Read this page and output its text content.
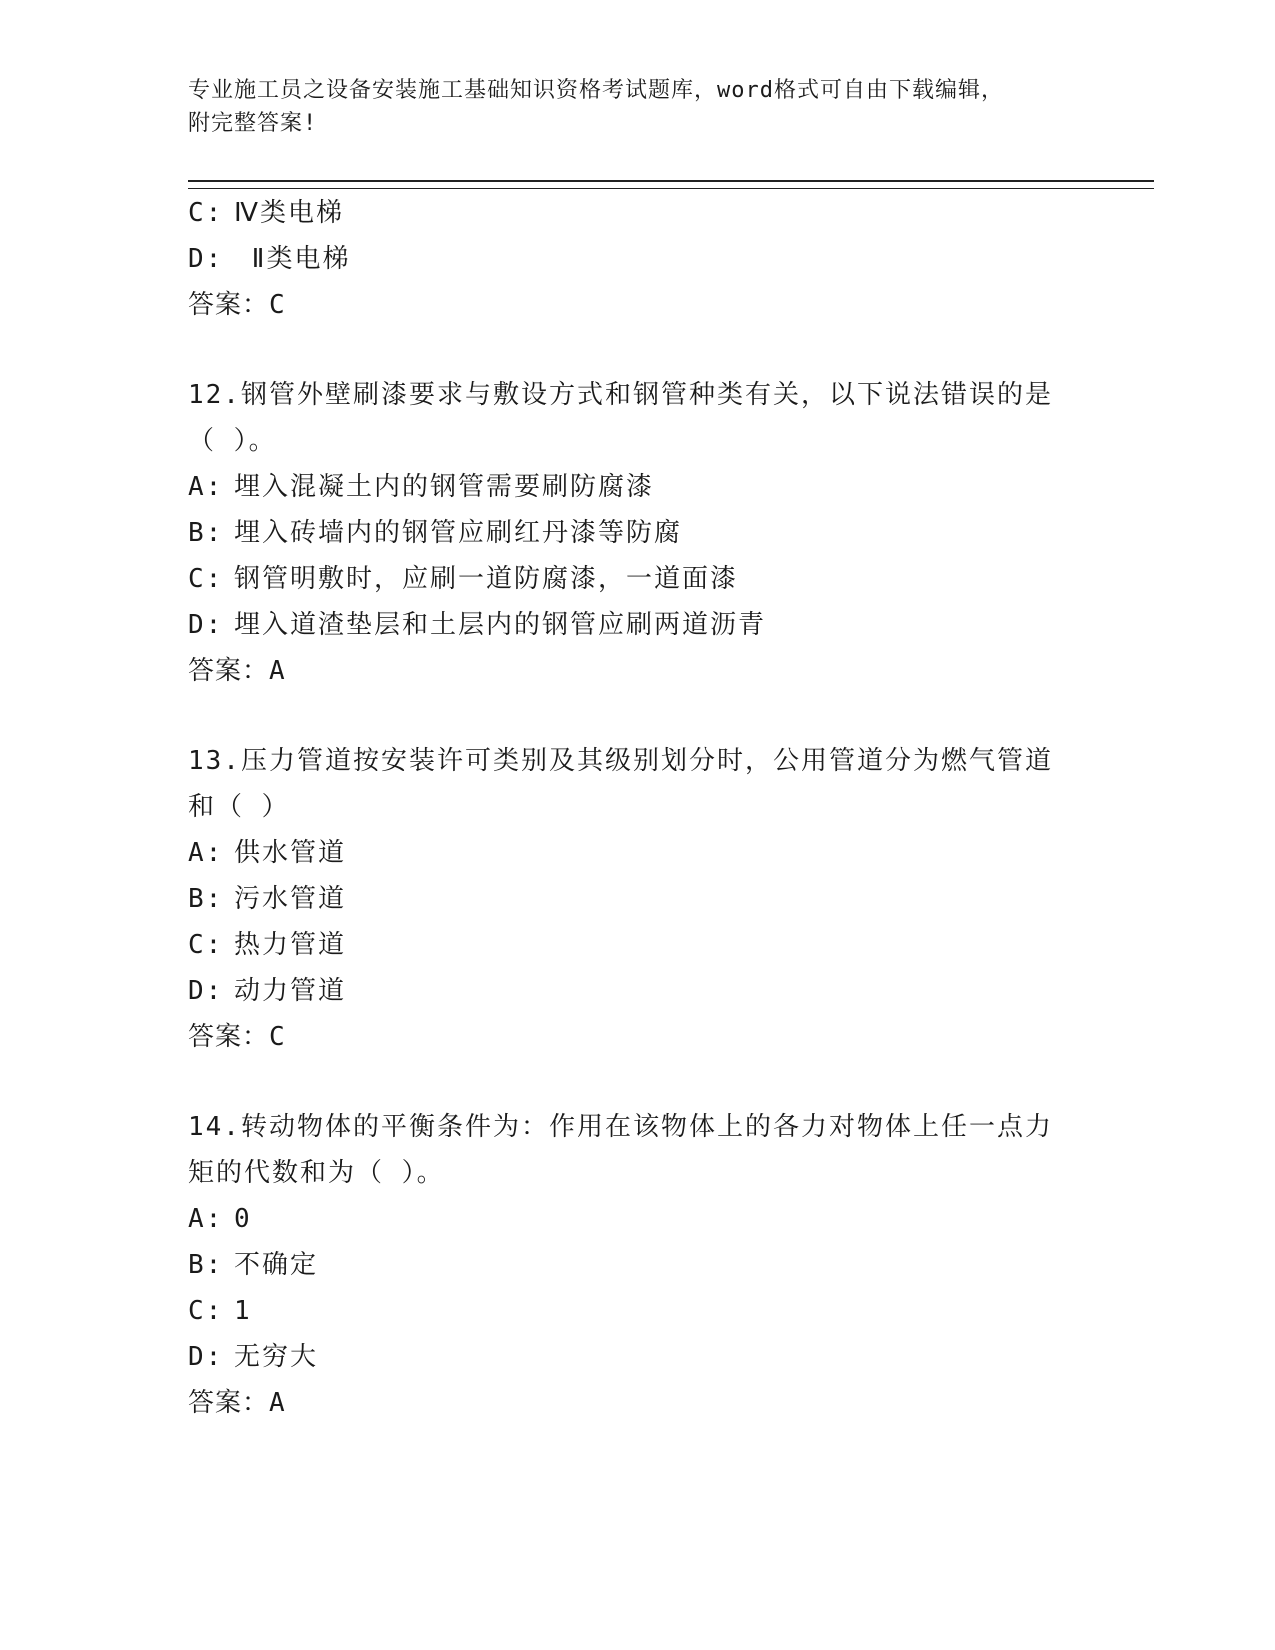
专业施工员之设备安装施工基础知识资格考试题库，word格式可自由下载编辑，
附完整答案!
C: Ⅳ类电梯
D: Ⅱ类电梯
答案：C
12.钢管外壁刷漆要求与敷设方式和钢管种类有关，以下说法错误的是
（ ）。
A: 埋入混凝土内的钢管需要刷防腐漆
B: 埋入砖墙内的钢管应刷红丹漆等防腐
C: 钢管明敷时，应刷一道防腐漆，一道面漆
D: 埋入道渣垫层和土层内的钢管应刷两道沥青
答案：A
13.压力管道按安装许可类别及其级别划分时，公用管道分为燃气管道
和（ ）
A: 供水管道
B: 污水管道
C: 热力管道
D: 动力管道
答案：C
14.转动物体的平衡条件为：作用在该物体上的各力对物体上任一点力
矩的代数和为（ ）。
A: 0
B: 不确定
C: 1
D: 无穷大
答案：A
